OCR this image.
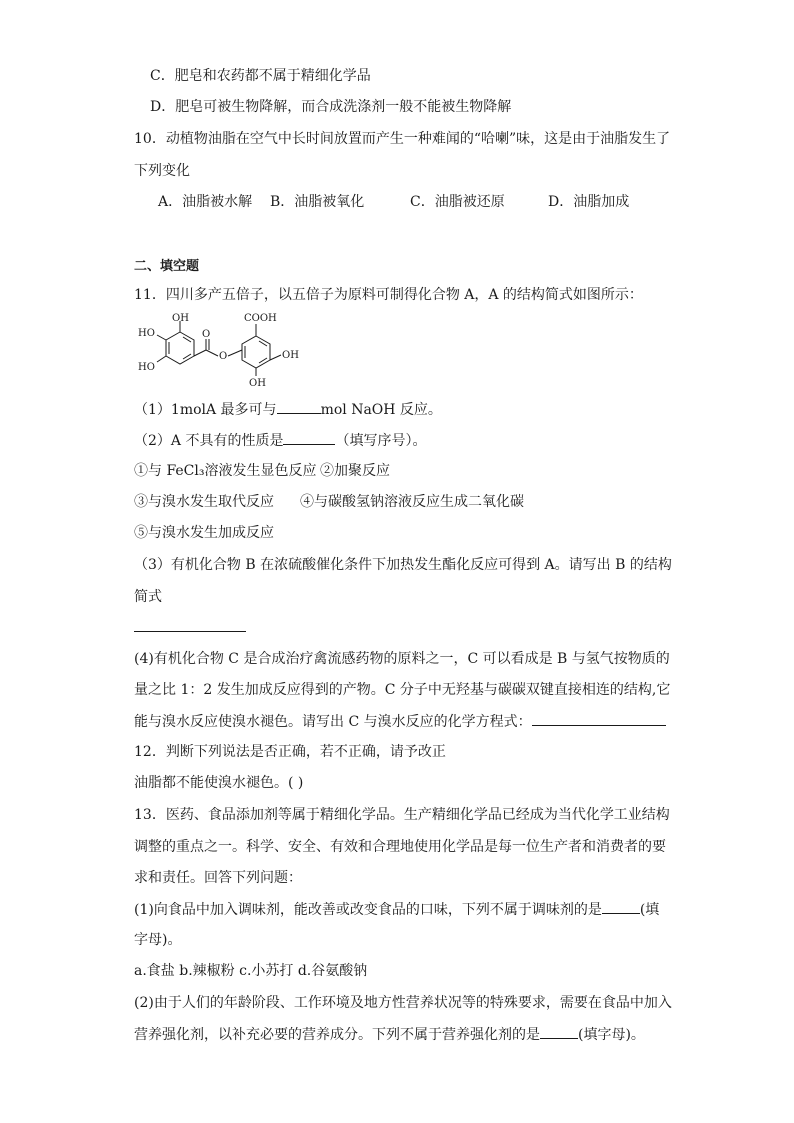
C．肥皂和农药都不属于精细化学品
D．肥皂可被生物降解，而合成洗涤剂一般不能被生物降解
10．动植物油脂在空气中长时间放置而产生一种难闻的“哈喇”味，这是由于油脂发生了
下列变化
A．油脂被水解 B．油脂被氧化	C．油脂被还原	D．油脂加成
二、填空题
11．四川多产五倍子，以五倍子为原料可制得化合物 A，A 的结构简式如图所示：
OH
HO
HO
O
O
COOH
OH
OH
（1）1molA 最多可与	mol NaOH 反应。
（2）A 不具有的性质是	（填写序号）。
①与 FeCl₃溶液发生显色反应 ②加聚反应
③与溴水发生取代反应 ④与碳酸氢钠溶液反应生成二氧化碳
⑤与溴水发生加成反应
（3）有机化合物 B 在浓硫酸催化条件下加热发生酯化反应可得到 A。请写出 B 的结构
简式
(4)有机化合物 C 是合成治疗禽流感药物的原料之一，C 可以看成是 B 与氢气按物质的
量之比 1：2 发生加成反应得到的产物。C 分子中无羟基与碳碳双键直接相连的结构,它
能与溴水反应使溴水褪色。请写出 C 与溴水反应的化学方程式：
12．判断下列说法是否正确，若不正确，请予改正
油脂都不能使溴水褪色。( )
13．医药、食品添加剂等属于精细化学品。生产精细化学品已经成为当代化学工业结构
调整的重点之一。科学、安全、有效和合理地使用化学品是每一位生产者和消费者的要
求和责任。回答下列问题：
(1)向食品中加入调味剂，能改善或改变食品的口味，下列不属于调味剂的是	(填
字母)。
a.食盐 b.辣椒粉 c.小苏打 d.谷氨酸钠
(2)由于人们的年龄阶段、工作环境及地方性营养状况等的特殊要求，需要在食品中加入
营养强化剂，以补充必要的营养成分。下列不属于营养强化剂的是	(填字母)。
